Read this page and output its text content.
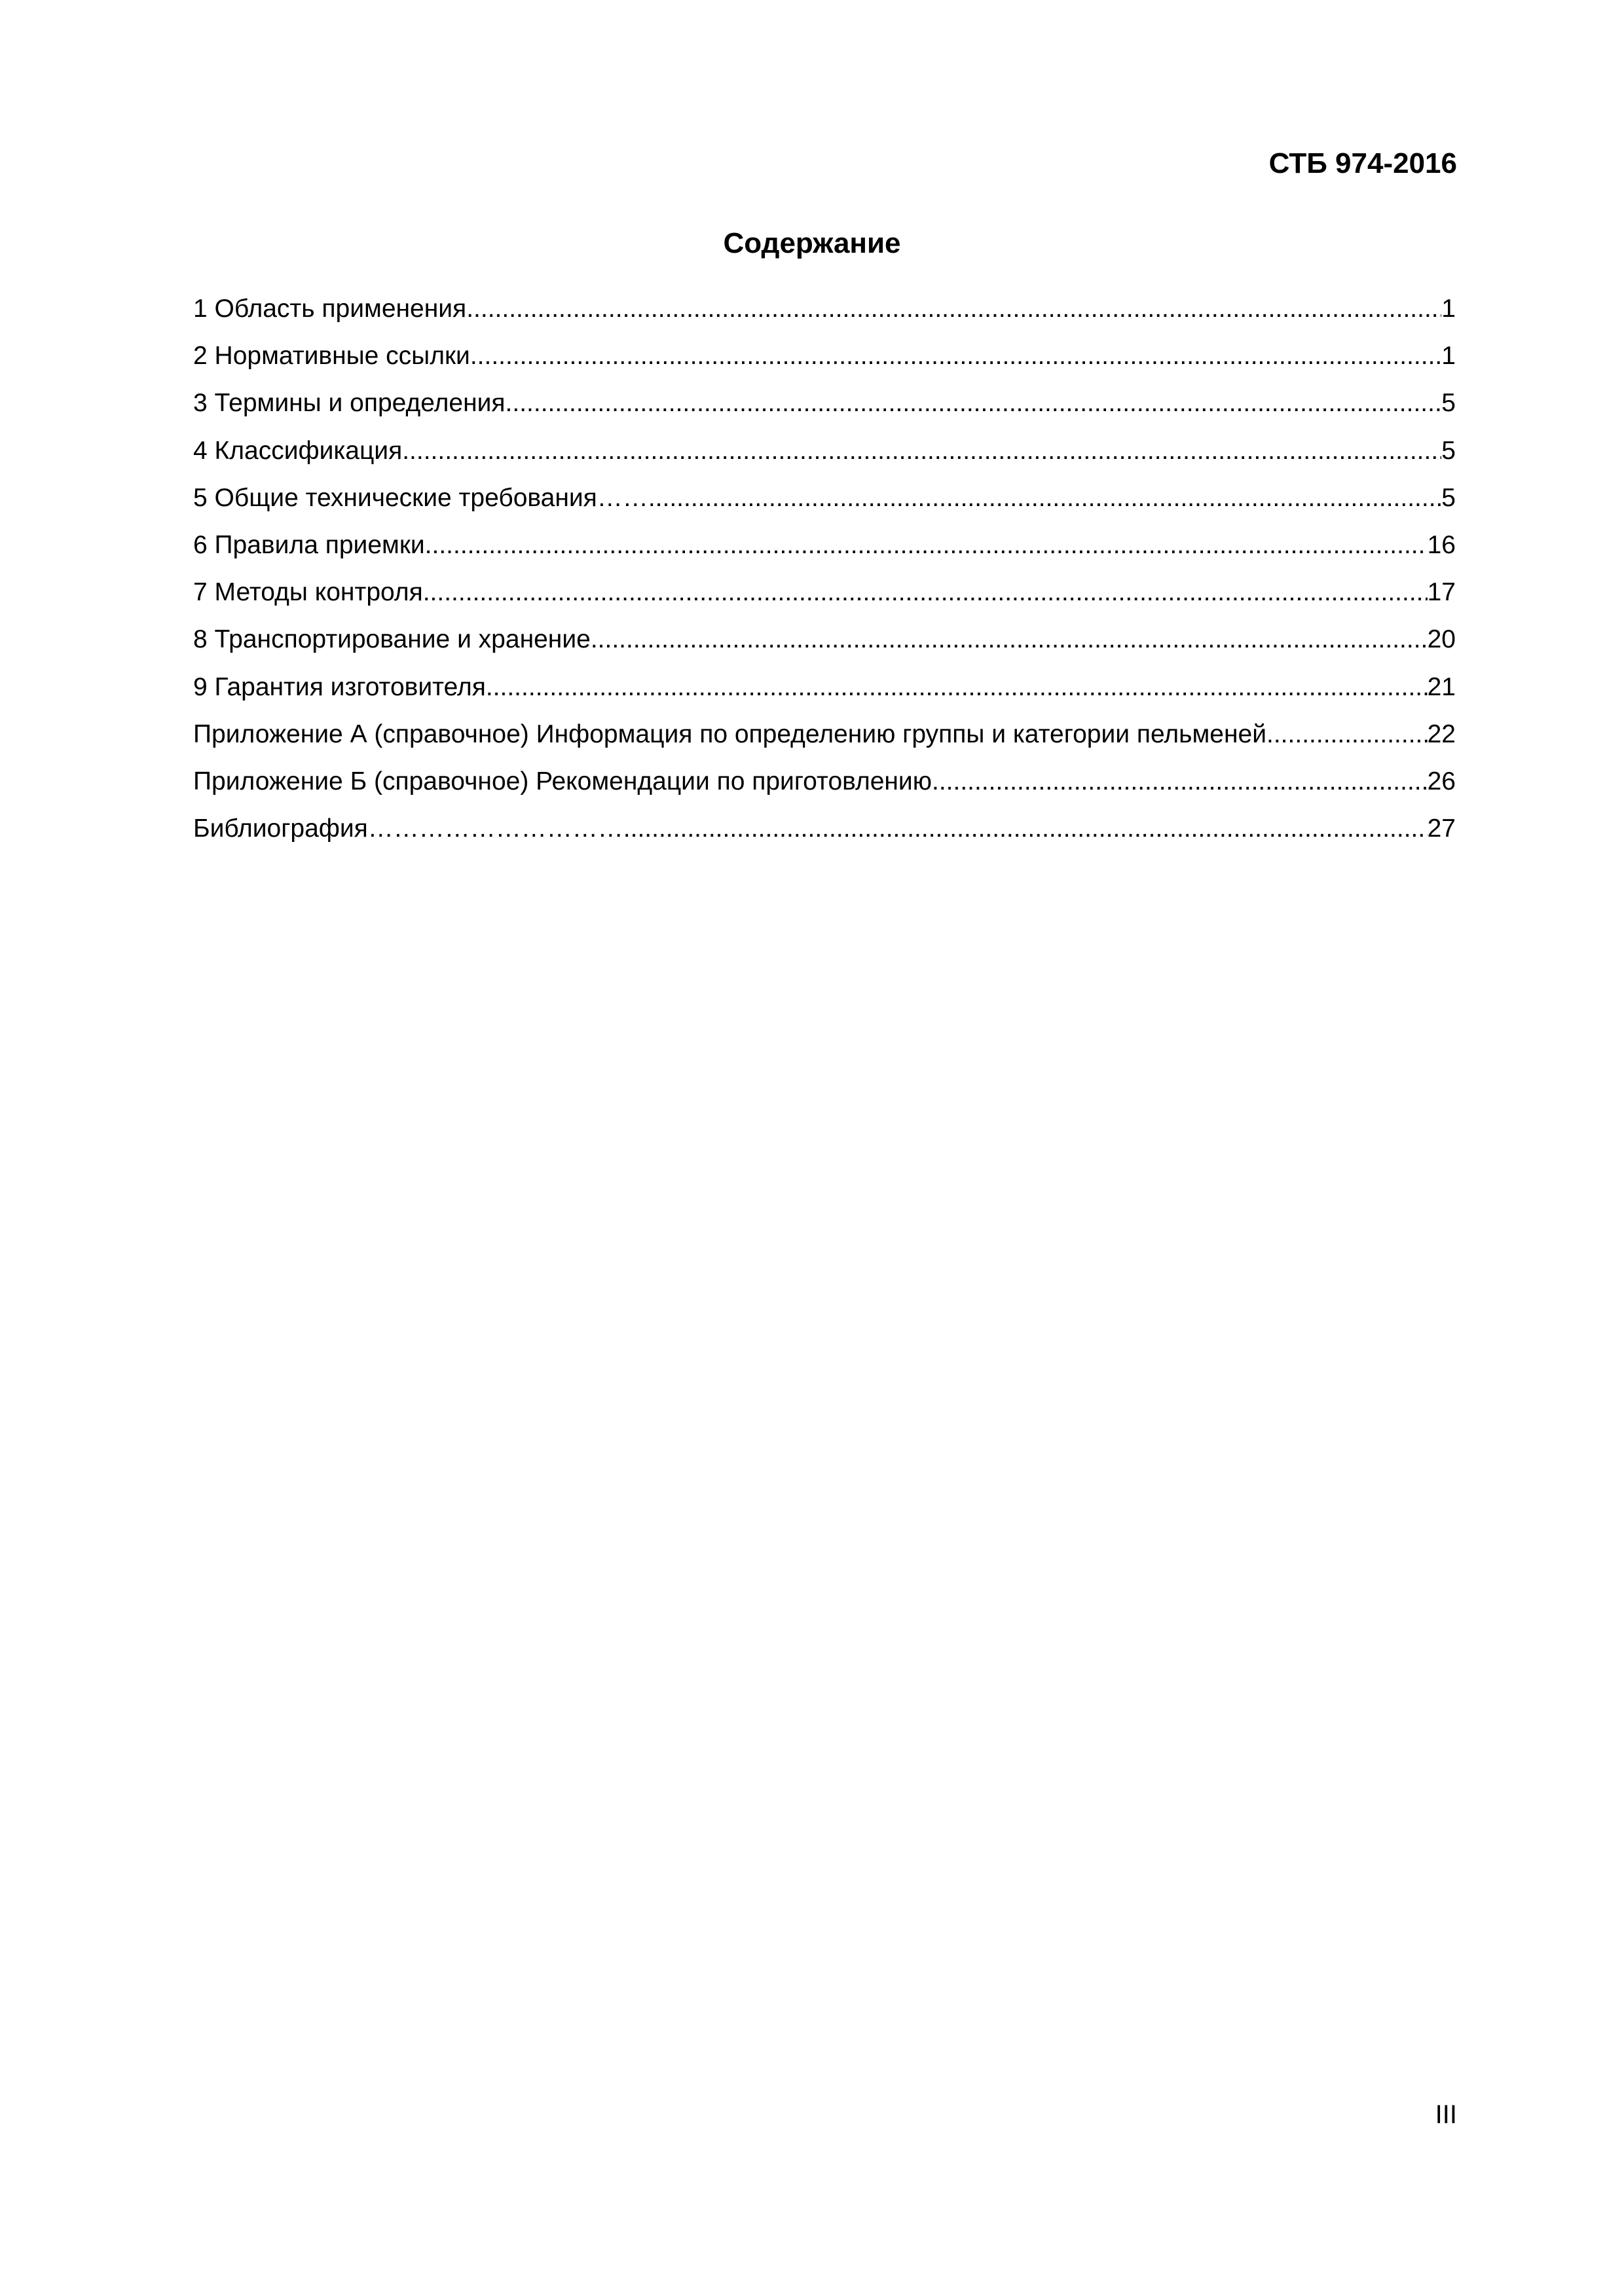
СТБ 974-2016
Содержание
1 Область применения .....	1
2 Нормативные ссылки .....	1
3 Термины и определения .....	5
4 Классификация .....	5
5 Общие технические требования…… .....	5
6 Правила приемки .....	16
7 Методы контроля .....	17
8 Транспортирование и хранение .....	20
9 Гарантия изготовителя .....	21
Приложение А (справочное) Информация по определению группы и категории пельменей .....	22
Приложение Б (справочное) Рекомендации по приготовлению .....	26
Библиография………………………… .....	27
III
